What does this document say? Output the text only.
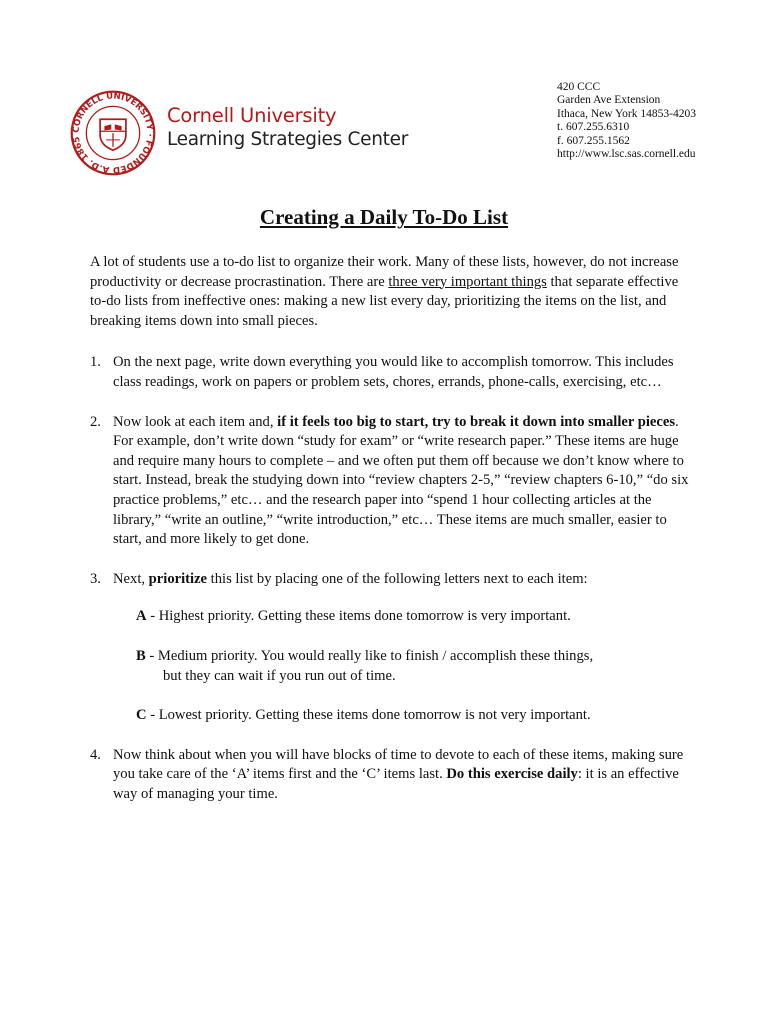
CORNELL UNIVERSITY · FOUNDED A.D. 1865
Cornell University
Learning Strategies Center
420 CCC
Garden Ave Extension
Ithaca, New York 14853-4203
t. 607.255.6310
f. 607.255.1562
http://www.lsc.sas.cornell.edu
Creating a Daily To-Do List

A lot of students use a to-do list to organize their work. Many of these lists, however, do not increase productivity or decrease procrastination. There are three very important things that separate effective to-do lists from ineffective ones: making a new list every day, prioritizing the items on the list, and breaking items down into small pieces.

1. On the next page, write down everything you would like to accomplish tomorrow. This includes class readings, work on papers or problem sets, chores, errands, phone-calls, exercising, etc…
2. Now look at each item and, if it feels too big to start, try to break it down into smaller pieces. For example, don’t write down “study for exam” or “write research paper.” These items are huge and require many hours to complete – and we often put them off because we don’t know where to start. Instead, break the studying down into “review chapters 2-5,” “review chapters 6-10,” “do six practice problems,” etc… and the research paper into “spend 1 hour collecting articles at the library,” “write an outline,” “write introduction,” etc… These items are much smaller, easier to start, and more likely to get done.
3. Next, prioritize this list by placing one of the following letters next to each item:
A - Highest priority. Getting these items done tomorrow is very important.
B - Medium priority. You would really like to finish / accomplish these things,
but they can wait if you run out of time.
C - Lowest priority. Getting these items done tomorrow is not very important.
4. Now think about when you will have blocks of time to devote to each of these items, making sure you take care of the ‘A’ items first and the ‘C’ items last. Do this exercise daily: it is an effective way of managing your time.
